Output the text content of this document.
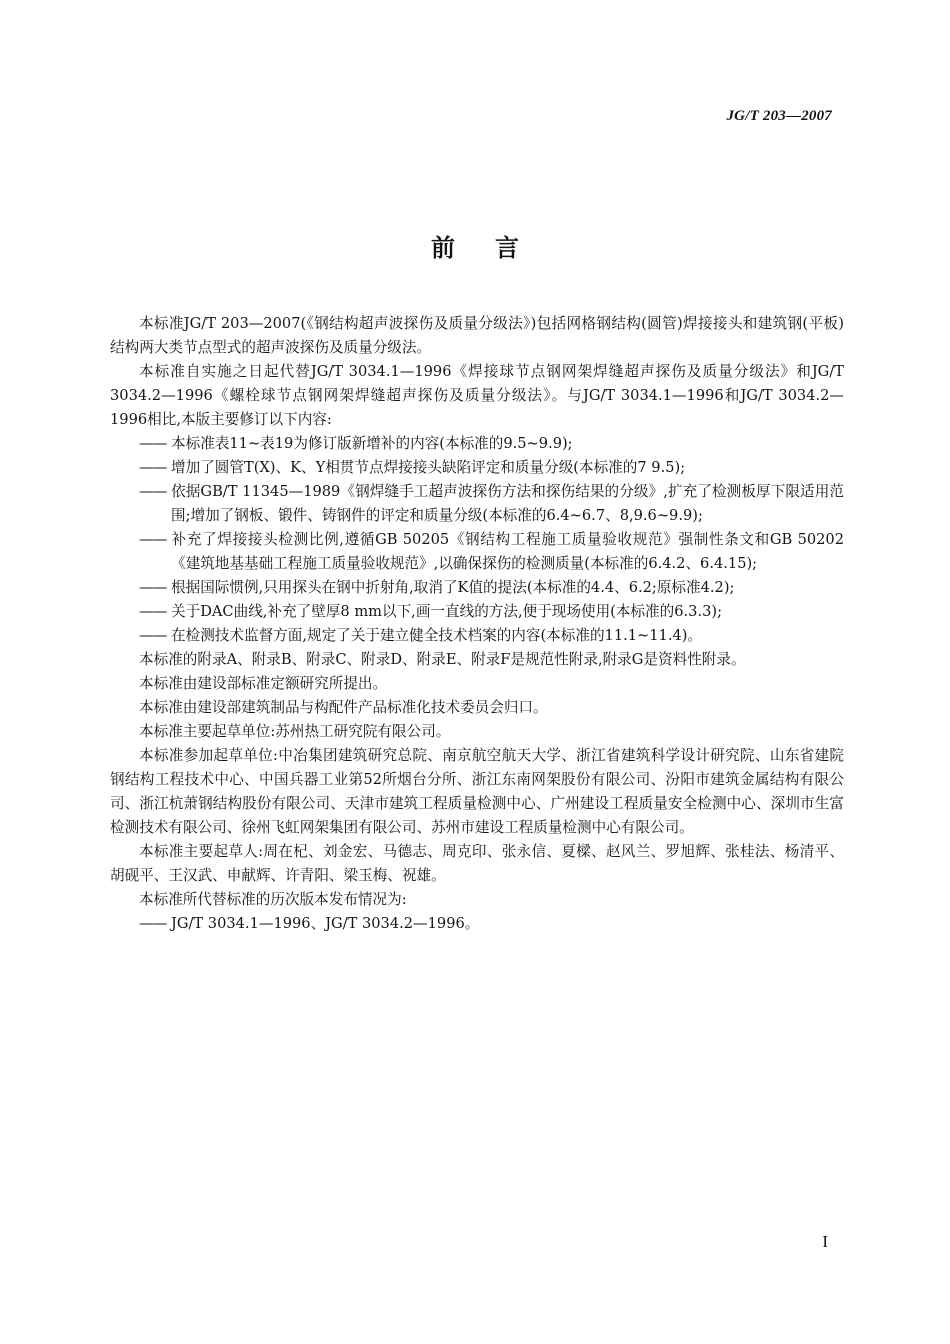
JG/T 203—2007
前言

本标准JG/T 203—2007(《钢结构超声波探伤及质量分级法》)包括网格钢结构(圆管)焊接接头和建筑钢(平板)结构两大类节点型式的超声波探伤及质量分级法。

本标准自实施之日起代替JG/T 3034.1—1996《焊接球节点钢网架焊缝超声探伤及质量分级法》和JG/T 3034.2—1996《螺栓球节点钢网架焊缝超声探伤及质量分级法》。与JG/T 3034.1—1996和JG/T 3034.2—1996相比,本版主要修订以下内容:

—— 本标准表11~表19为修订版新增补的内容(本标准的9.5~9.9);

—— 增加了圆管T(X)、K、Y相贯节点焊接接头缺陷评定和质量分级(本标准的7 9.5);

—— 依据GB/T 11345—1989《钢焊缝手工超声波探伤方法和探伤结果的分级》,扩充了检测板厚下限适用范围;增加了钢板、锻件、铸钢件的评定和质量分级(本标准的6.4~6.7、8,9.6~9.9);

—— 补充了焊接接头检测比例,遵循GB 50205《钢结构工程施工质量验收规范》强制性条文和GB 50202《建筑地基基础工程施工质量验收规范》,以确保探伤的检测质量(本标准的6.4.2、6.4.15);

—— 根据国际惯例,只用探头在钢中折射角,取消了K值的提法(本标准的4.4、6.2;原标准4.2);

—— 关于DAC曲线,补充了壁厚8 mm以下,画一直线的方法,便于现场使用(本标准的6.3.3);

—— 在检测技术监督方面,规定了关于建立健全技术档案的内容(本标准的11.1~11.4)。

本标准的附录A、附录B、附录C、附录D、附录E、附录F是规范性附录,附录G是资料性附录。

本标准由建设部标准定额研究所提出。

本标准由建设部建筑制品与构配件产品标准化技术委员会归口。

本标准主要起草单位:苏州热工研究院有限公司。

本标准参加起草单位:中冶集团建筑研究总院、南京航空航天大学、浙江省建筑科学设计研究院、山东省建院钢结构工程技术中心、中国兵器工业第52所烟台分所、浙江东南网架股份有限公司、汾阳市建筑金属结构有限公司、浙江杭萧钢结构股份有限公司、天津市建筑工程质量检测中心、广州建设工程质量安全检测中心、深圳市生富检测技术有限公司、徐州飞虹网架集团有限公司、苏州市建设工程质量检测中心有限公司。

本标准主要起草人:周在杞、刘金宏、马德志、周克印、张永信、夏樑、赵风兰、罗旭辉、张桂法、杨清平、胡砚平、王汉武、申献辉、许青阳、梁玉梅、祝雄。

本标准所代替标准的历次版本发布情况为:

—— JG/T 3034.1—1996、JG/T 3034.2—1996。

I
